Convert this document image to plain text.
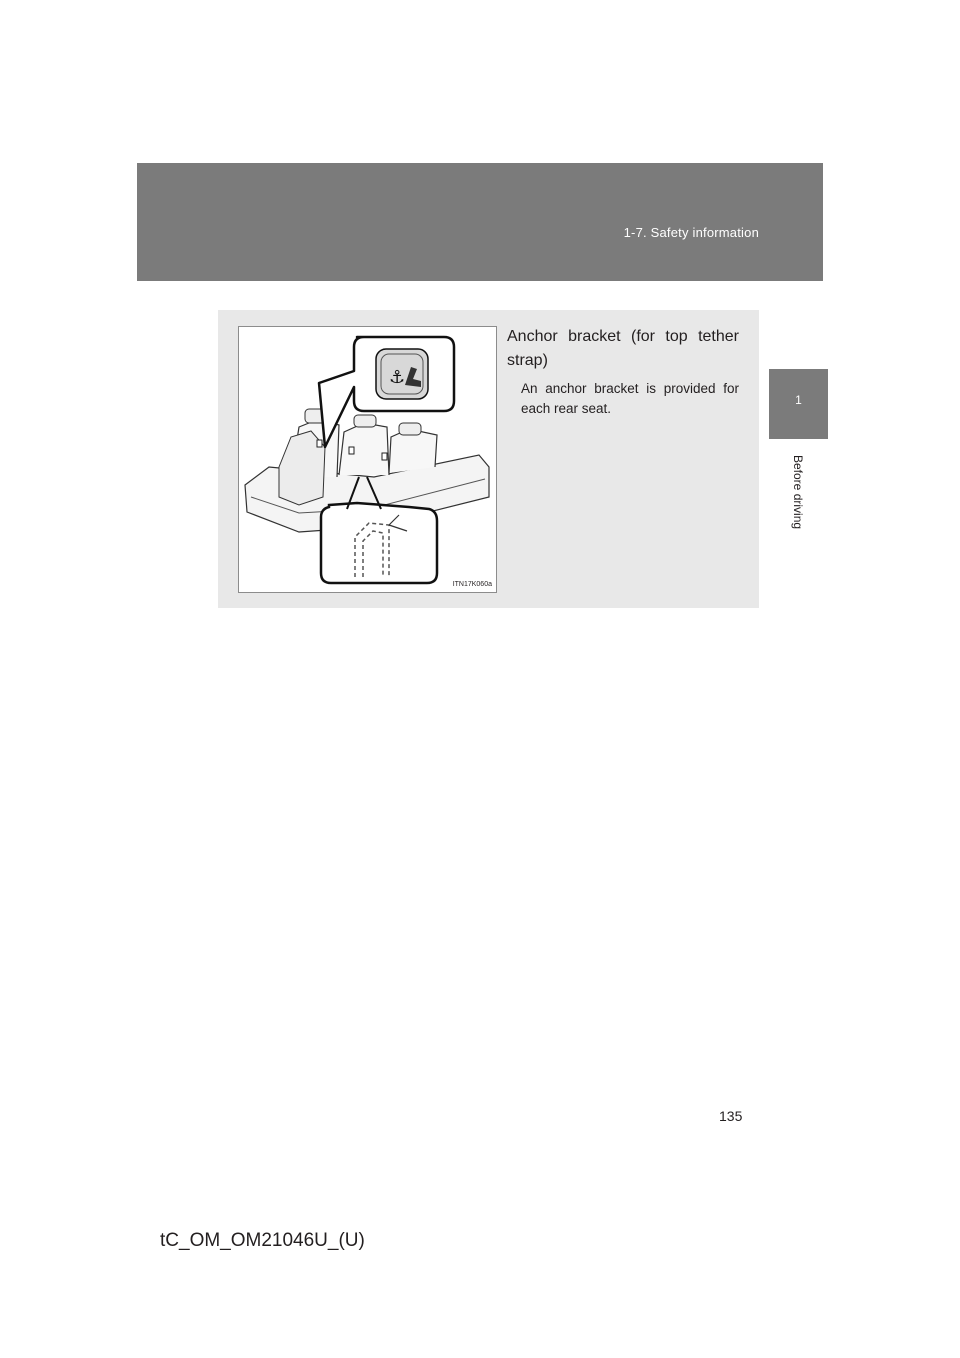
1-7. Safety information
1
Before driving
⚓
ITN17K060a
Anchor bracket (for top tether strap)
An anchor bracket is provided for each rear seat.
135
tC_OM_OM21046U_(U)
